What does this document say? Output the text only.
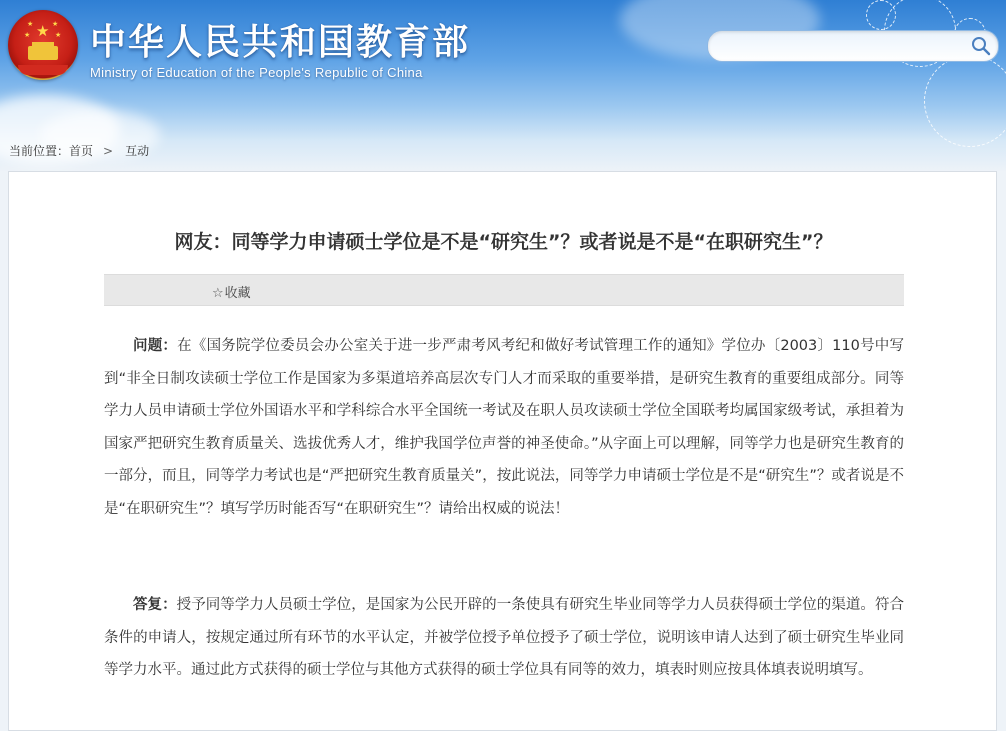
★
★	★
★	★ 中华人民共和国教育部
Ministry of Education of the People's Republic of China
当前位置：首页 > 互动
网友：同等学力申请硕士学位是不是“研究生”？或者说是不是“在职研究生”？
☆收藏

问题：在《国务院学位委员会办公室关于进一步严肃考风考纪和做好考试管理工作的通知》学位办〔2003〕110号中写到“非全日制攻读硕士学位工作是国家为多渠道培养高层次专门人才而采取的重要举措，是研究生教育的重要组成部分。同等学力人员申请硕士学位外国语水平和学科综合水平全国统一考试及在职人员攻读硕士学位全国联考均属国家级考试，承担着为国家严把研究生教育质量关、选拔优秀人才，维护我国学位声誉的神圣使命。”从字面上可以理解，同等学力也是研究生教育的一部分，而且，同等学力考试也是“严把研究生教育质量关”，按此说法，同等学力申请硕士学位是不是“研究生”？或者说是不是“在职研究生”？填写学历时能否写“在职研究生”？请给出权威的说法！

答复：授予同等学力人员硕士学位，是国家为公民开辟的一条使具有研究生毕业同等学力人员获得硕士学位的渠道。符合条件的申请人，按规定通过所有环节的水平认定，并被学位授予单位授予了硕士学位，说明该申请人达到了硕士研究生毕业同等学力水平。通过此方式获得的硕士学位与其他方式获得的硕士学位具有同等的效力，填表时则应按具体填表说明填写。
